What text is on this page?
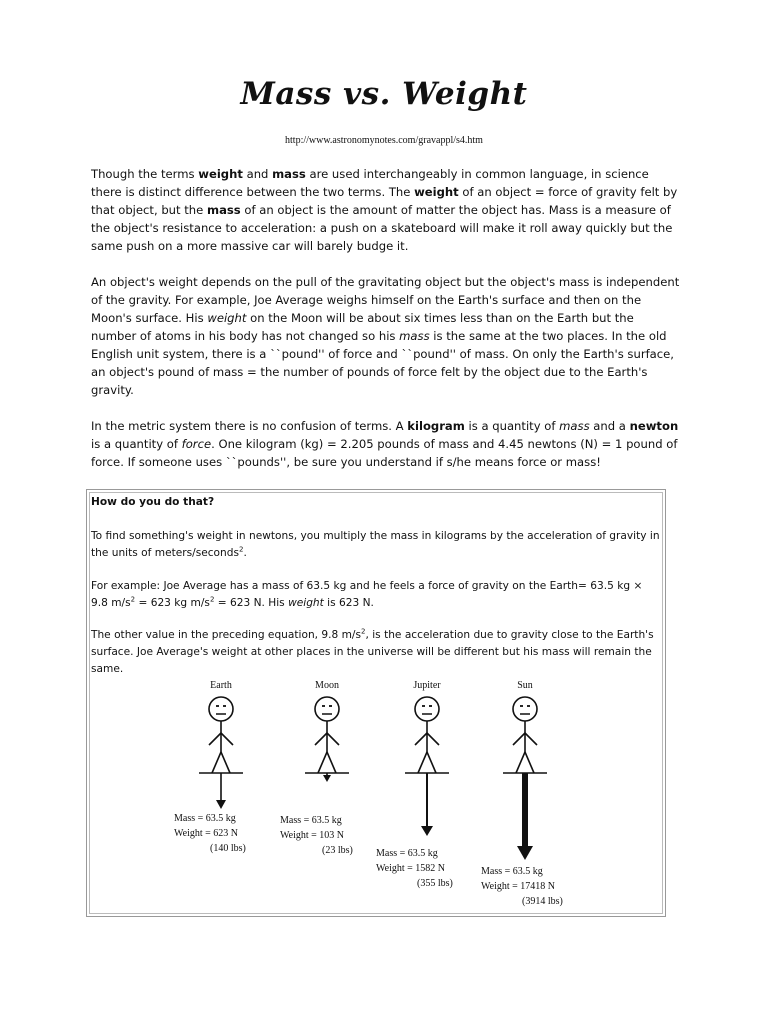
Mass vs. Weight
http://www.astronomynotes.com/gravappl/s4.htm

Though the terms weight and mass are used interchangeably in common language, in science there is distinct difference between the two terms. The weight of an object = force of gravity felt by that object, but the mass of an object is the amount of matter the object has. Mass is a measure of the object's resistance to acceleration: a push on a skateboard will make it roll away quickly but the same push on a more massive car will barely budge it.

An object's weight depends on the pull of the gravitating object but the object's mass is independent of the gravity. For example, Joe Average weighs himself on the Earth's surface and then on the Moon's surface. His weight on the Moon will be about six times less than on the Earth but the number of atoms in his body has not changed so his mass is the same at the two places. In the old English unit system, there is a ``pound'' of force and ``pound'' of mass. On only the Earth's surface, an object's pound of mass = the number of pounds of force felt by the object due to the Earth's gravity.

In the metric system there is no confusion of terms. A kilogram is a quantity of mass and a newton is a quantity of force. One kilogram (kg) = 2.205 pounds of mass and 4.45 newtons (N) = 1 pound of force. If someone uses ``pounds'', be sure you understand if s/he means force or mass!

How do you do that?

To find something's weight in newtons, you multiply the mass in kilograms by the acceleration of gravity in the units of meters/seconds$^2$.

For example: Joe Average has a mass of 63.5 kg and he feels a force of gravity on the Earth= 63.5 kg × 9.8 $m/s^2 = 623$ kg $m/s^2 = 623$ N. His weight is 623 N.

The other value in the preceding equation, 9.8 $m/s^2$, is the acceleration due to gravity close to the Earth's surface. Joe Average's weight at other places in the universe will be different but his mass will remain the same.

Earth
Mass = 63.5 kg
Weight = 623 N
(140 lbs)
Moon
Mass = 63.5 kg
Weight = 103 N
(23 lbs)
Jupiter
Mass = 63.5 kg
Weight = 1582 N
(355 lbs)
Sun
Mass = 63.5 kg
Weight = 17418 N
(3914 lbs)
